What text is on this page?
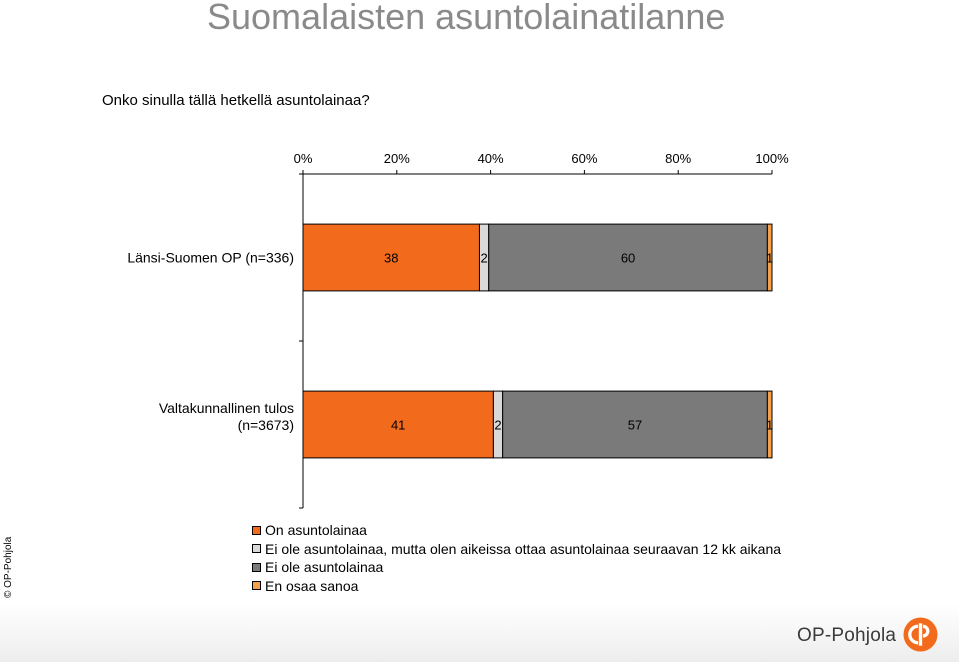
Suomalaisten asuntolainatilanne
Onko sinulla tällä hetkellä asuntolainaa?
0%	20%	40%	60%	80%	100%
38	2	60	1
Länsi-Suomen OP (n=336)
41	2	57	1
Valtakunnallinen tulos
(n=3673)
On asuntolainaa
Ei ole asuntolainaa, mutta olen aikeissa ottaa asuntolainaa seuraavan 12 kk aikana
Ei ole asuntolainaa
En osaa sanoa
© OP-Pohjola
OP-Pohjola
